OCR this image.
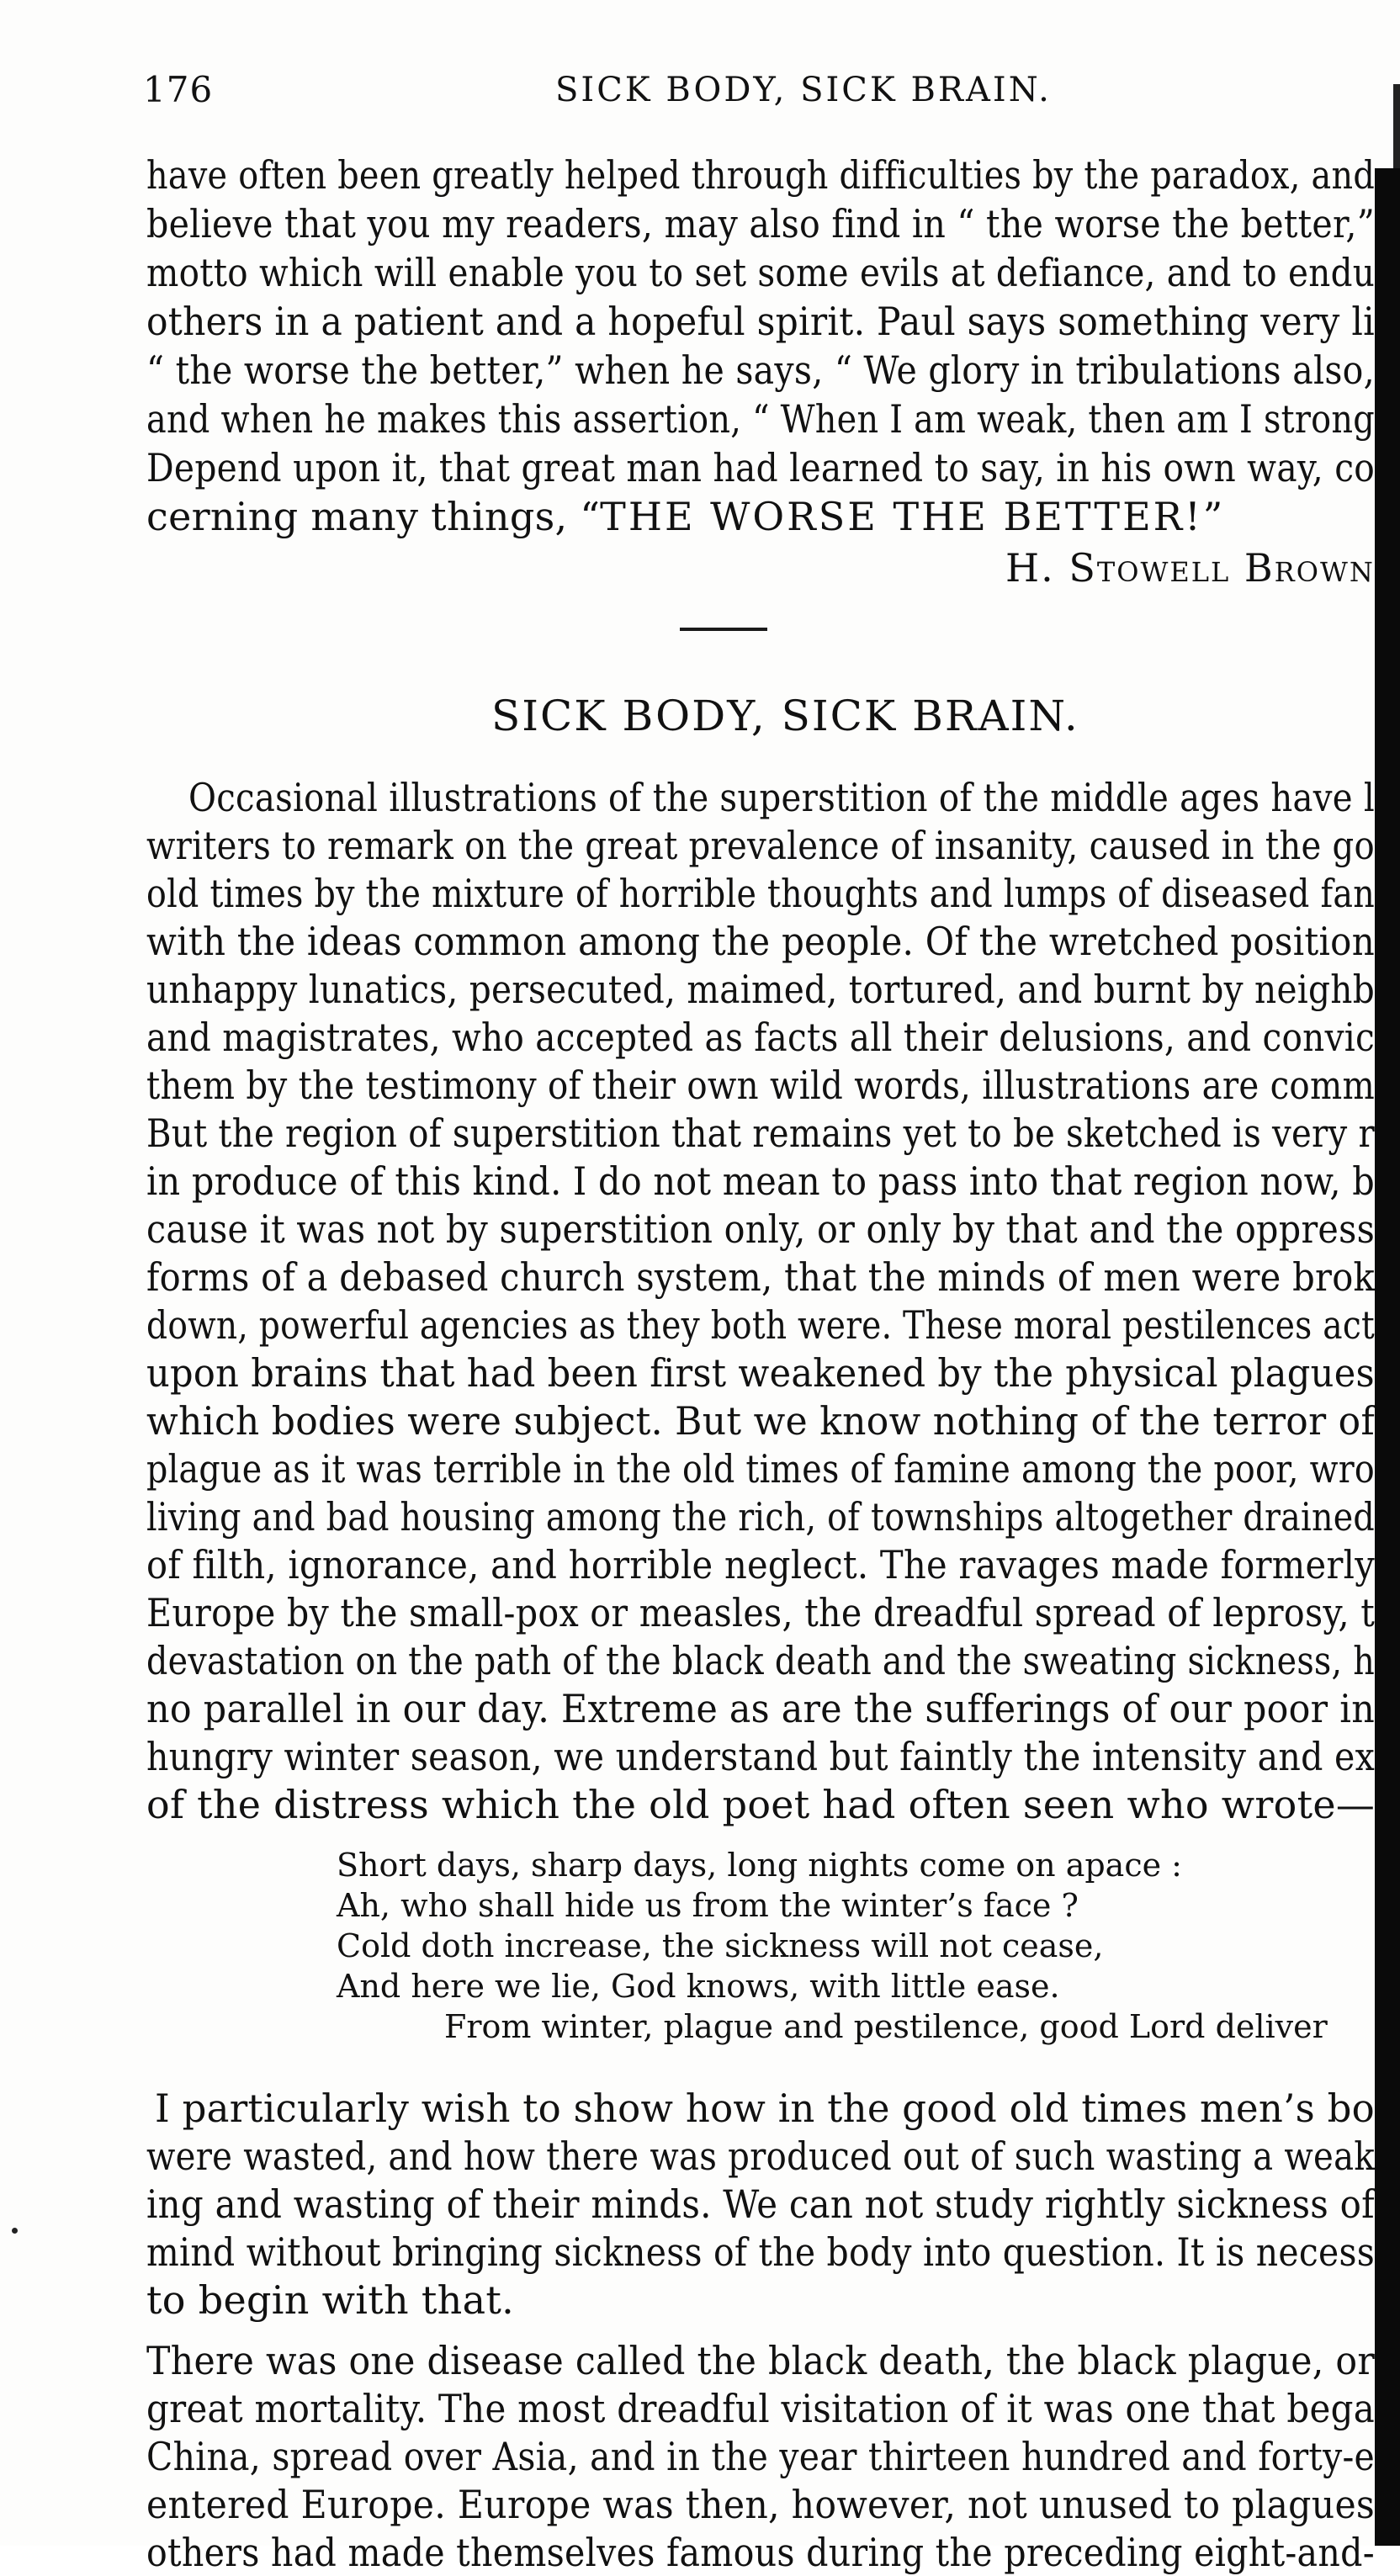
176	SICK BODY, SICK BRAIN.
have often been greatly helped through difficulties by the paradox, and
believe that you my readers, may also find in “ the worse the better,”
motto which will enable you to set some evils at defiance, and to endu
others in a patient and a hopeful spirit. Paul says something very li
“ the worse the better,” when he says, “ We glory in tribulations also,
and when he makes this assertion, “ When I am weak, then am I strong
Depend upon it, that great man had learned to say, in his own way, co
cerning many things, “THE WORSE THE BETTER!”
H. Stowell Brown
SICK BODY, SICK BRAIN.
Occasional illustrations of the superstition of the middle ages have l
writers to remark on the great prevalence of insanity, caused in the go
old times by the mixture of horrible thoughts and lumps of diseased fan
with the ideas common among the people. Of the wretched position
unhappy lunatics, persecuted, maimed, tortured, and burnt by neighb
and magistrates, who accepted as facts all their delusions, and convic
them by the testimony of their own wild words, illustrations are comm
But the region of superstition that remains yet to be sketched is very r
in produce of this kind. I do not mean to pass into that region now, b
cause it was not by superstition only, or only by that and the oppress
forms of a debased church system, that the minds of men were brok
down, powerful agencies as they both were. These moral pestilences act
upon brains that had been first weakened by the physical plagues
which bodies were subject. But we know nothing of the terror of
plague as it was terrible in the old times of famine among the poor, wro
living and bad housing among the rich, of townships altogether drained
of filth, ignorance, and horrible neglect. The ravages made formerly
Europe by the small-pox or measles, the dreadful spread of leprosy, t
devastation on the path of the black death and the sweating sickness, h
no parallel in our day. Extreme as are the sufferings of our poor in
hungry winter season, we understand but faintly the intensity and ex
of the distress which the old poet had often seen who wrote—
Short days, sharp days, long nights come on apace :
Ah, who shall hide us from the winter’s face ?
Cold doth increase, the sickness will not cease,
And here we lie, God knows, with little ease.
From winter, plague and pestilence, good Lord deliver
I particularly wish to show how in the good old times men’s bo
were wasted, and how there was produced out of such wasting a weak
ing and wasting of their minds. We can not study rightly sickness of
mind without bringing sickness of the body into question. It is necess
to begin with that.
There was one disease called the black death, the black plague, or
great mortality. The most dreadful visitation of it was one that bega
China, spread over Asia, and in the year thirteen hundred and forty-e
entered Europe. Europe was then, however, not unused to plagues
others had made themselves famous during the preceding eight-and-
